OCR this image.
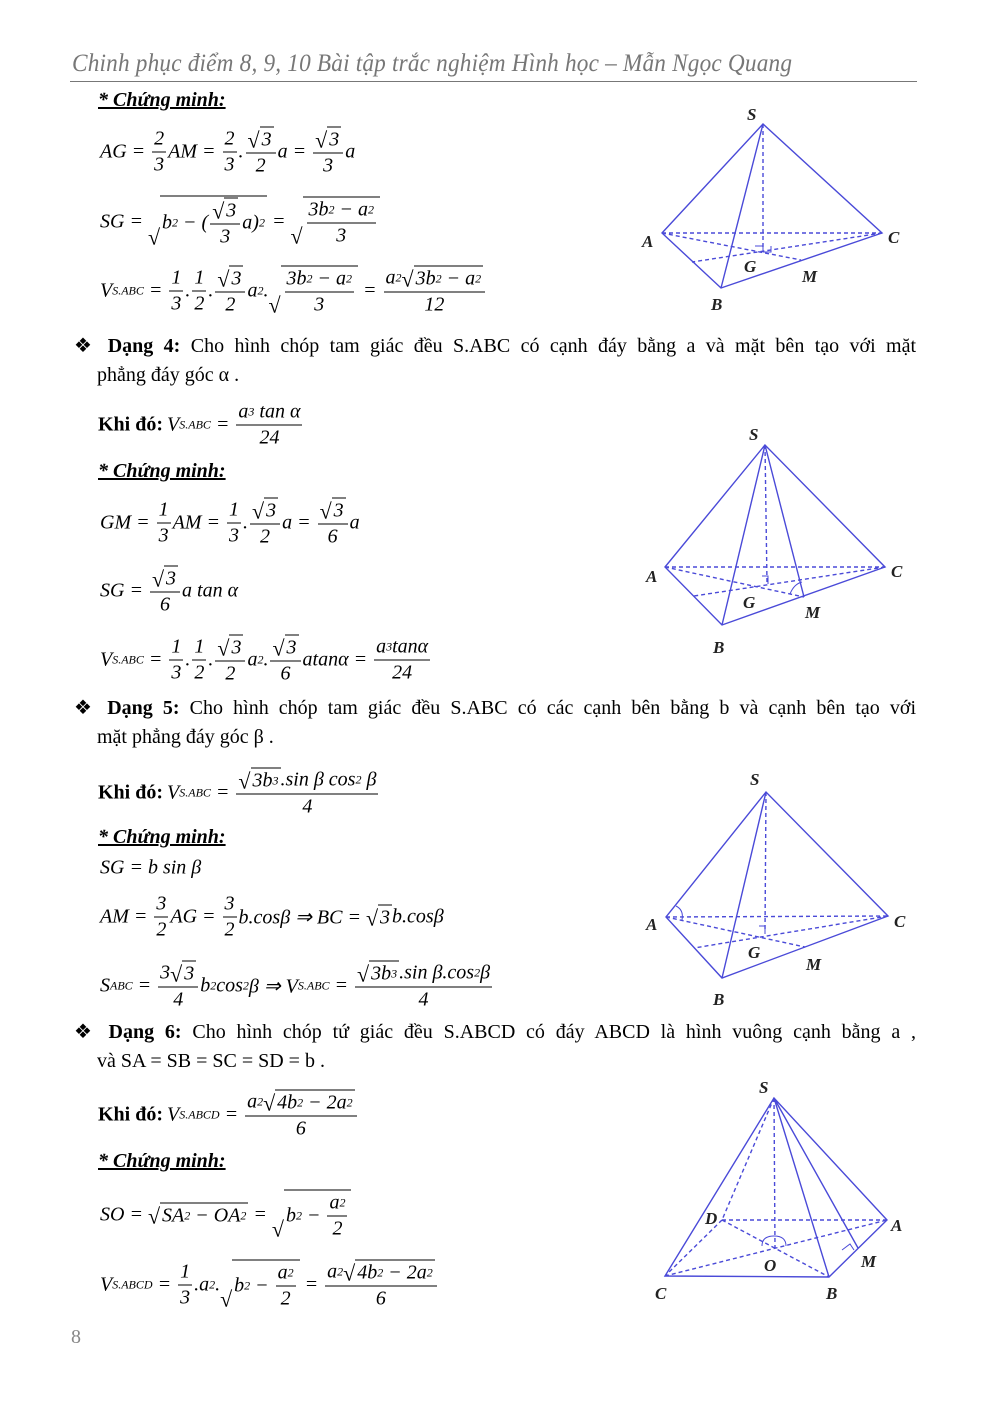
Chinh phục điểm 8, 9, 10 Bài tập trắc nghiệm Hình học – Mẫn Ngọc Quang
* Chứng minh:
AG = $\frac{2}{3}$ AM = $\frac{2}{3}$ . $\frac{√ 3}{2}$ $a = \frac{√ 3}{3}$ a
SG =
√
b 2 − ( $\frac{√ 3}{3} a$) 2 =
√ $\frac{3b 2 - a 2}{3}$
V $S.ABC = \frac{1}{3}$ . $\frac{1}{2}$ . $\frac{√ 3}{2}$ a 2 .
√ $\frac{3b 2 - a 2}{3} = \frac{a 2 √ 3b 2 - a 2}{12}$
❖ Dạng 4: Cho hình chóp tam giác đều S.ABC có cạnh đáy bằng a và mặt bên tạo với mặt
phẳng đáy góc α .
Khi đó: V $S.ABC = \frac{\text{a 3 tan α}}{24}$
* Chứng minh:
GM = $\frac{1}{3}$ AM = $\frac{1}{3}$ . $\frac{√ 3}{2}$ $a = \frac{√ 3}{6}$ a
SG = $\frac{√ 3}{6}$ a tan α
V $S.ABC = \frac{1}{3}$ . $\frac{1}{2}$ . $\frac{√ 3}{2}$ a 2 . $\frac{√ 3}{6}$ $atan\alpha = \frac{a 3 \tan\alpha}{24}$
❖ Dạng 5: Cho hình chóp tam giác đều S.ABC có các cạnh bên bằng b và cạnh bên tạo với
mặt phẳng đáy góc β .
Khi đó: V $S.ABC = \frac{\text{√ 3b 3 .sin β cos 2 β}}{4}$
* Chứng minh:
SG = b sin β
AM = $\frac{3}{2}$ AG = $\frac{3}{2} b.\cos\beta$ ⇒ BC = √ 3 b.cosβ
S ABC = $\frac{3 √ 3}{4}$ b 2 cos 2 β ⇒ V $S.ABC = \frac{\text{√ 3b 3 .sin β.cos 2 β}}{4}$
❖ Dạng 6: Cho hình chóp tứ giác đều S.ABCD có đáy ABCD là hình vuông cạnh bằng a ,
và SA = SB = SC = SD = b .
Khi đó: V S.ABCD = $\frac{a 2 √ 4b 2 - 2a 2}{6}$
* Chứng minh:
SO = √ SA 2 − OA 2 =
√
b $2 - \frac{a 2}{2}$
V S.ABCD = $\frac{1}{3} .a$ 2 .
√
b $2 - \frac{a 2}{2} = \frac{a 2 √ 4b 2 - 2a 2}{6}$
8
S
A	C
B
G
M
S
A	C
B
G
M
S
A	C
B
G
M
S
A
D
C	B
O	M
